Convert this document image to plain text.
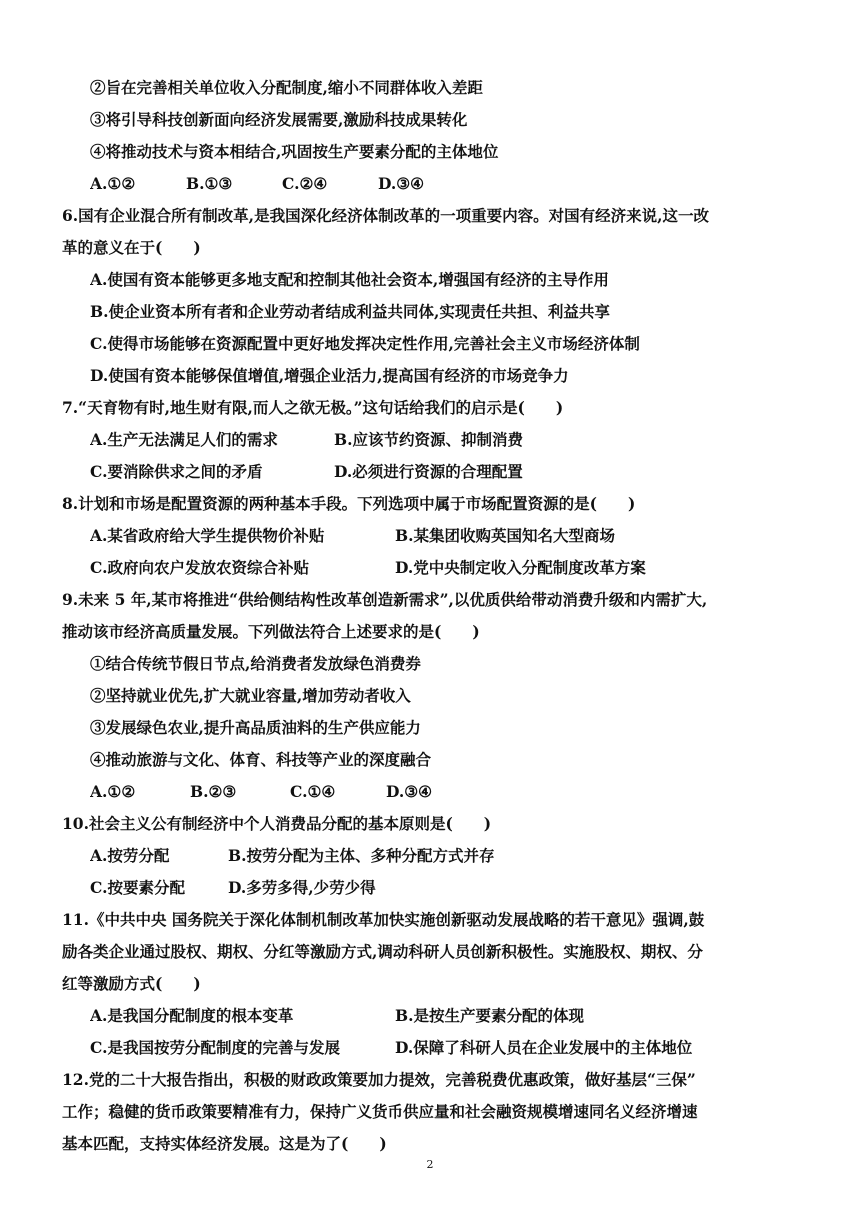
②旨在完善相关单位收入分配制度,缩小不同群体收入差距
③将引导科技创新面向经济发展需要,激励科技成果转化
④将推动技术与资本相结合,巩固按生产要素分配的主体地位
A.①②	B.①③	C.②④	D.③④
6.国有企业混合所有制改革,是我国深化经济体制改革的一项重要内容。对国有经济来说,这一改
革的意义在于(　　)
A.使国有资本能够更多地支配和控制其他社会资本,增强国有经济的主导作用
B.使企业资本所有者和企业劳动者结成利益共同体,实现责任共担、利益共享
C.使得市场能够在资源配置中更好地发挥决定性作用,完善社会主义市场经济体制
D.使国有资本能够保值增值,增强企业活力,提高国有经济的市场竞争力
7.“天育物有时,地生财有限,而人之欲无极。”这句话给我们的启示是(　　)
A.生产无法满足人们的需求	B.应该节约资源、抑制消费
C.要消除供求之间的矛盾	D.必须进行资源的合理配置
8.计划和市场是配置资源的两种基本手段。下列选项中属于市场配置资源的是(　　)
A.某省政府给大学生提供物价补贴	B.某集团收购英国知名大型商场
C.政府向农户发放农资综合补贴	D.党中央制定收入分配制度改革方案
9.未来 5 年,某市将推进“供给侧结构性改革创造新需求”,以优质供给带动消费升级和内需扩大,
推动该市经济高质量发展。下列做法符合上述要求的是(　　)
①结合传统节假日节点,给消费者发放绿色消费券
②坚持就业优先,扩大就业容量,增加劳动者收入
③发展绿色农业,提升高品质油料的生产供应能力
④推动旅游与文化、体育、科技等产业的深度融合
A.①②	B.②③	C.①④	D.③④
10.社会主义公有制经济中个人消费品分配的基本原则是(　　)
A.按劳分配	B.按劳分配为主体、多种分配方式并存
C.按要素分配	D.多劳多得,少劳少得
11.《中共中央 国务院关于深化体制机制改革加快实施创新驱动发展战略的若干意见》强调,鼓
励各类企业通过股权、期权、分红等激励方式,调动科研人员创新积极性。实施股权、期权、分
红等激励方式(　　)
A.是我国分配制度的根本变革	B.是按生产要素分配的体现
C.是我国按劳分配制度的完善与发展	D.保障了科研人员在企业发展中的主体地位
12.党的二十大报告指出，积极的财政政策要加力提效，完善税费优惠政策，做好基层“三保”
工作；稳健的货币政策要精准有力，保持广义货币供应量和社会融资规模增速同名义经济增速
基本匹配，支持实体经济发展。这是为了(　　)
2
